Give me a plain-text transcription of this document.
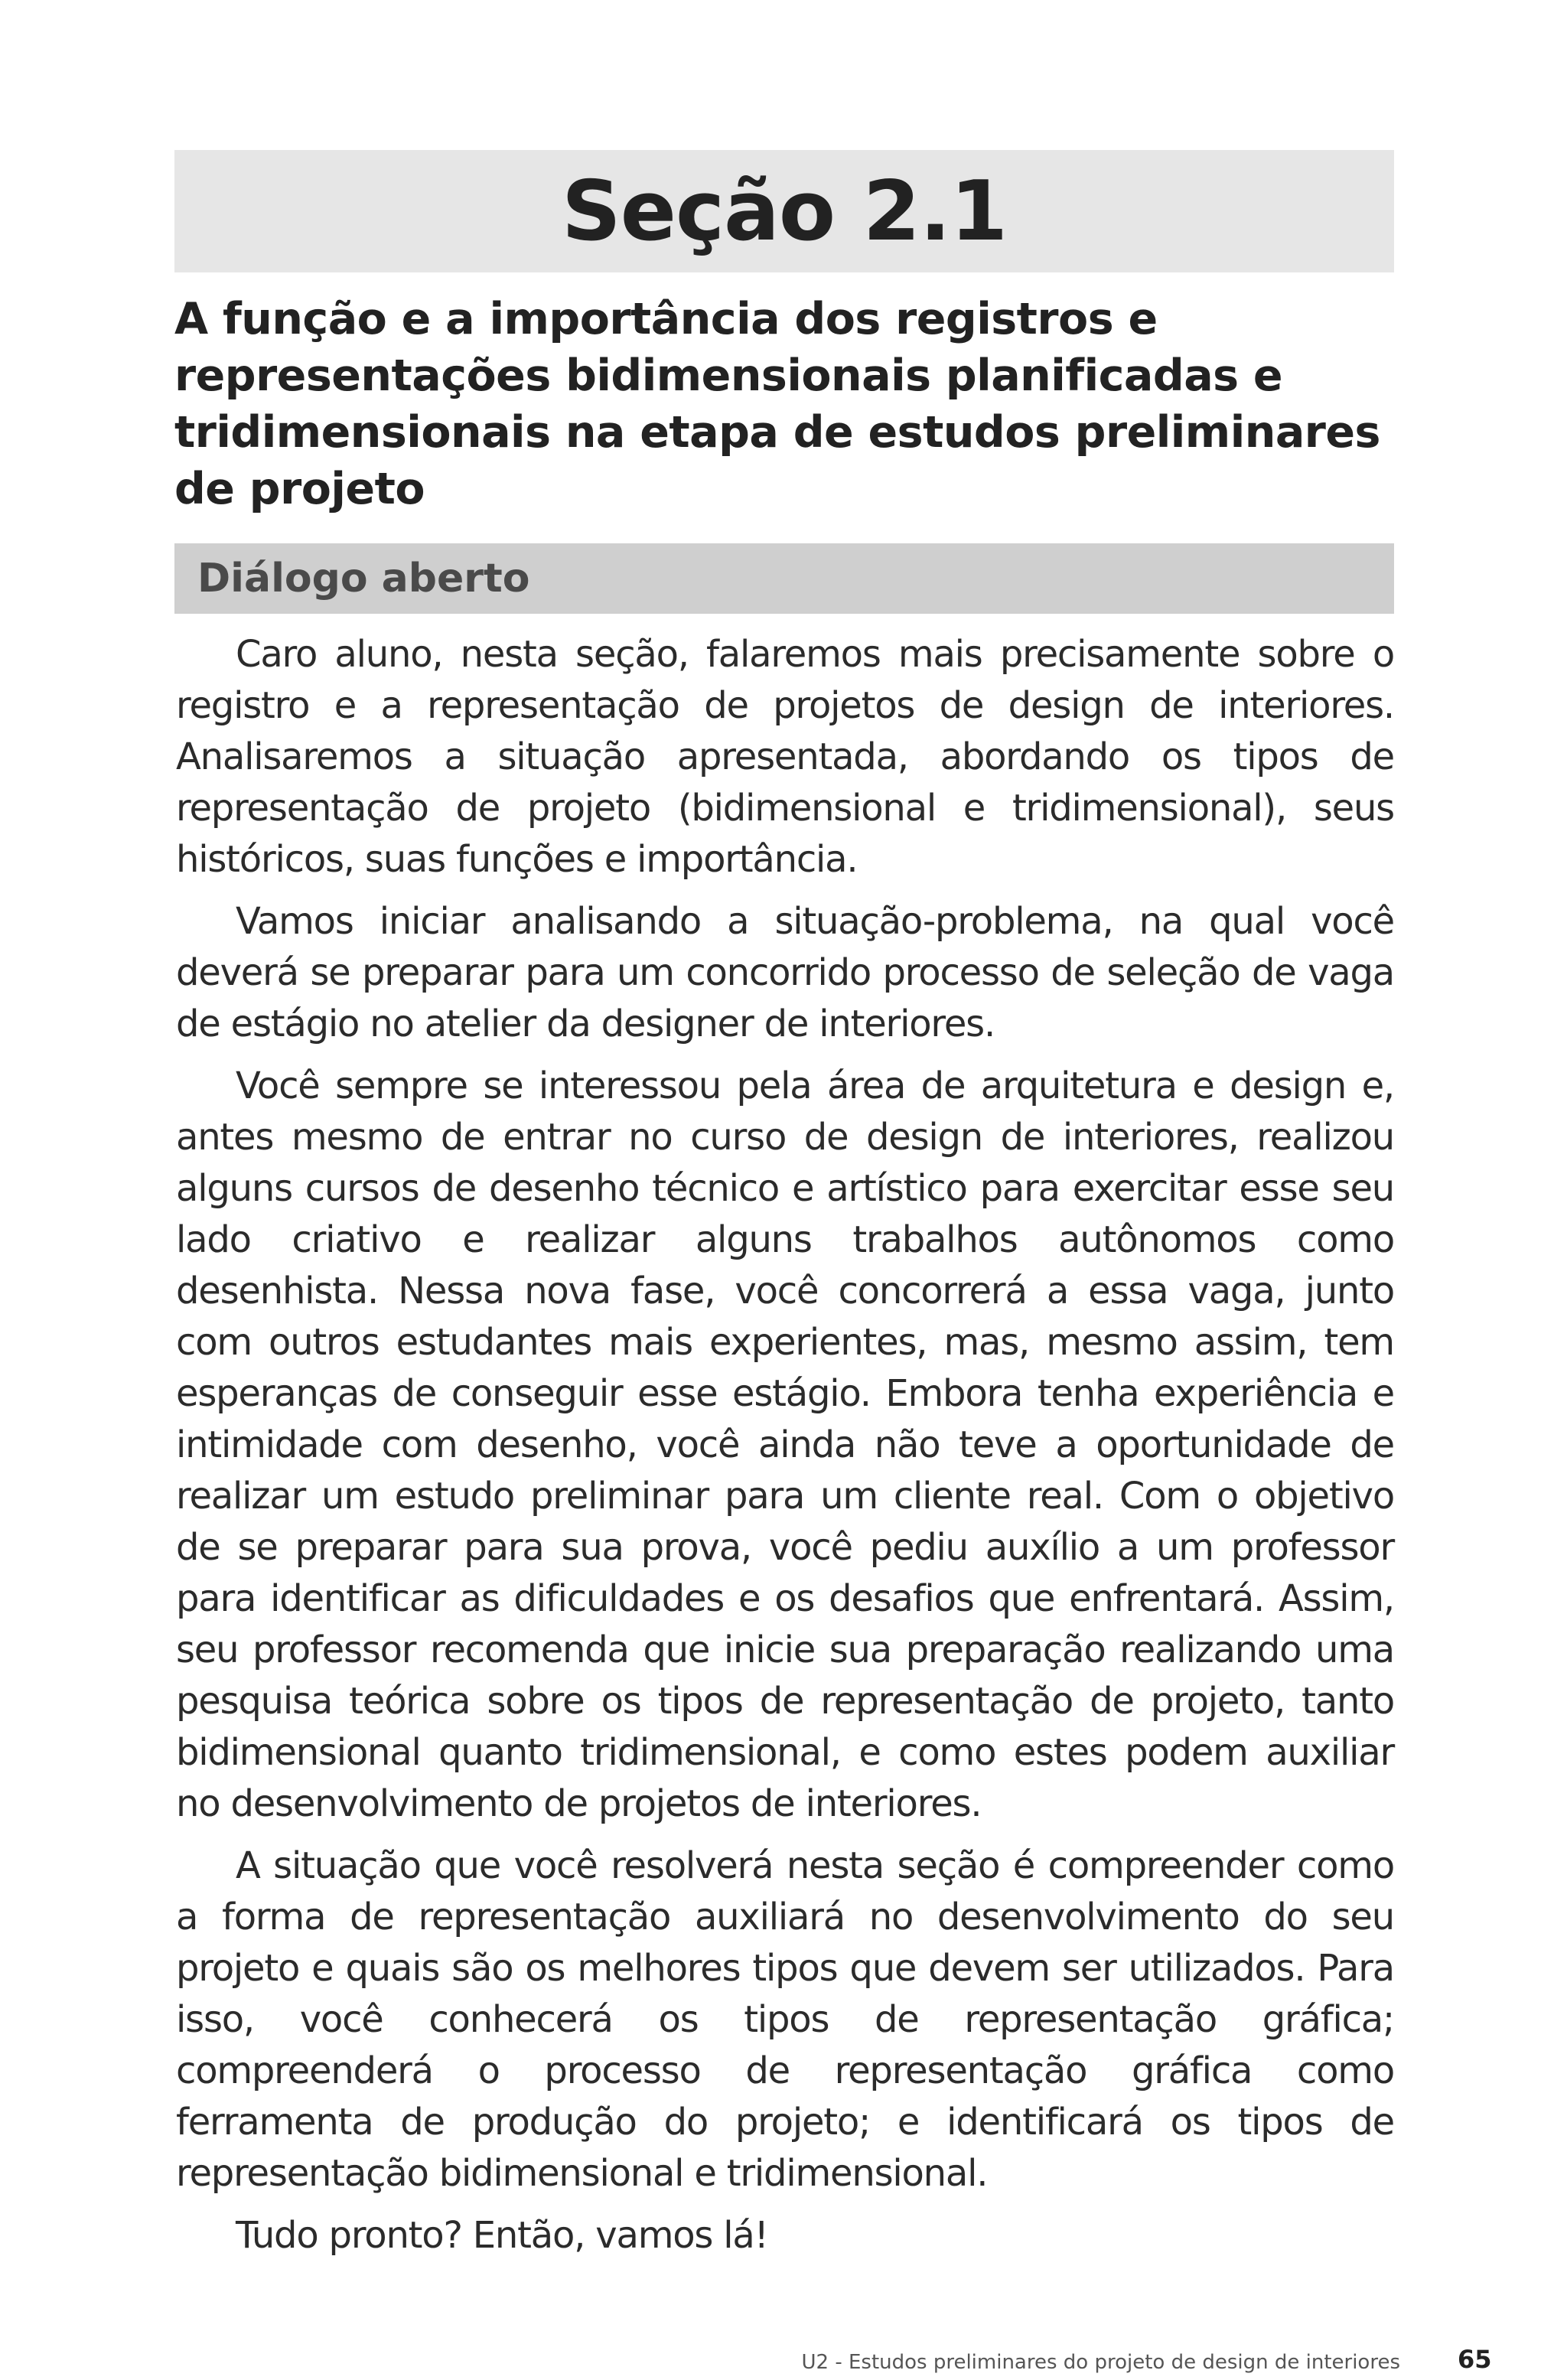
Seção 2.1
A função e a importância dos registros e representações bidimensionais planificadas e tridimensionais na etapa de estudos preliminares de projeto
Diálogo aberto

Caro aluno, nesta seção, falaremos mais precisamente sobre o registro e a representação de projetos de design de interiores. Analisaremos a situação apresentada, abordando os tipos de representação de projeto (bidimensional e tridimensional), seus históricos, suas funções e importância.

Vamos iniciar analisando a situação-problema, na qual você deverá se preparar para um concorrido processo de seleção de vaga de estágio no atelier da designer de interiores.

Você sempre se interessou pela área de arquitetura e design e, antes mesmo de entrar no curso de design de interiores, realizou alguns cursos de desenho técnico e artístico para exercitar esse seu lado criativo e realizar alguns trabalhos autônomos como desenhista. Nessa nova fase, você concorrerá a essa vaga, junto com outros estudantes mais experientes, mas, mesmo assim, tem esperanças de conseguir esse estágio. Embora tenha experiência e intimidade com desenho, você ainda não teve a oportunidade de realizar um estudo preliminar para um cliente real. Com o objetivo de se preparar para sua prova, você pediu auxílio a um professor para identificar as dificuldades e os desafios que enfrentará. Assim, seu professor recomenda que inicie sua preparação realizando uma pesquisa teórica sobre os tipos de representação de projeto, tanto bidimensional quanto tridimensional, e como estes podem auxiliar no desenvolvimento de projetos de interiores.

A situação que você resolverá nesta seção é compreender como a forma de representação auxiliará no desenvolvimento do seu projeto e quais são os melhores tipos que devem ser utilizados. Para isso, você conhecerá os tipos de representação gráfica; compreenderá o processo de representação gráfica como ferramenta de produção do projeto; e identificará os tipos de representação bidimensional e tridimensional.

Tudo pronto? Então, vamos lá!

U2 - Estudos preliminares do projeto de design de interiores 65
